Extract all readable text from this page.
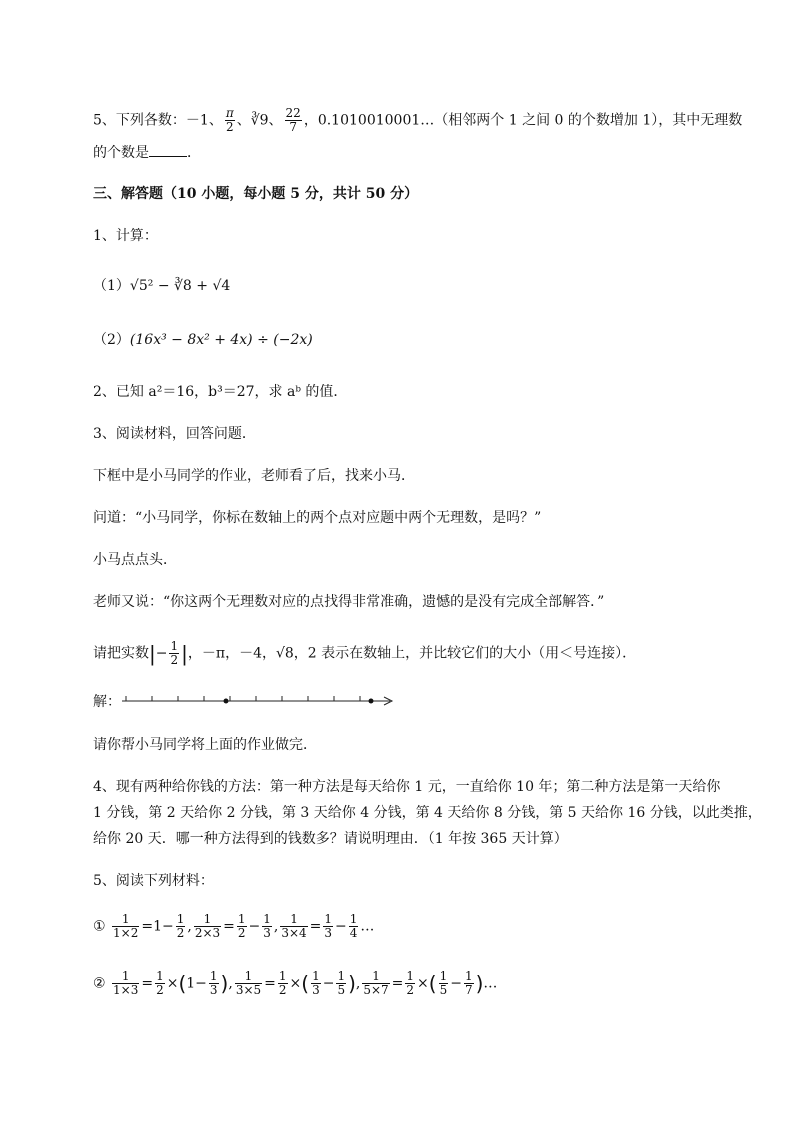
5、下列各数：－1、 $\frac{\pi}{2}$ 、∛9、 $\frac{22}{7}$ ，0.1010010001…（相邻两个 1 之间 0 的个数增加 1），其中无理数
的个数是	．
三、解答题（10 小题，每小题 5 分，共计 50 分）
1、计算：
（1）√5² − ∛8 + √4
（2）(16x³ − 8x² + 4x) ÷ (−2x)
2、已知 a²＝16，b³＝27，求 aᵇ 的值．
3、阅读材料，回答问题．
下框中是小马同学的作业，老师看了后，找来小马．
问道：“小马同学，你标在数轴上的两个点对应题中两个无理数，是吗？”
小马点点头．
老师又说：“你这两个无理数对应的点找得非常准确，遗憾的是没有完成全部解答．”
请把实数|− $\frac{1}{2}$ |，－π，－4，√8，2 表示在数轴上，并比较它们的大小（用＜号连接）．
解：
请你帮小马同学将上面的作业做完．
4、现有两种给你钱的方法：第一种方法是每天给你 1 元，一直给你 10 年；第二种方法是第一天给你
1 分钱，第 2 天给你 2 分钱，第 3 天给你 4 分钱，第 4 天给你 8 分钱，第 5 天给你 16 分钱，以此类推，
给你 20 天．哪一种方法得到的钱数多？请说明理由．（1 年按 365 天计算）
5、阅读下列材料：
① $\frac{1}{1\times 2} =1- \frac{1}{2}$ , $\frac{1}{2\times 3} = \frac{1}{2} - \frac{1}{3}$ , $\frac{1}{3\times 4} = \frac{1}{3} - \frac{1}{4}$ …
② $\frac{1}{1\times 3} = \frac{1}{2} \times(1- \frac{1}{3}$ ), $\frac{1}{3\times 5} = \frac{1}{2}$ ×( $\frac{1}{3} - \frac{1}{5}$ ), $\frac{1}{5\times 7} = \frac{1}{2}$ ×( $\frac{1}{5} - \frac{1}{7}$ )…
